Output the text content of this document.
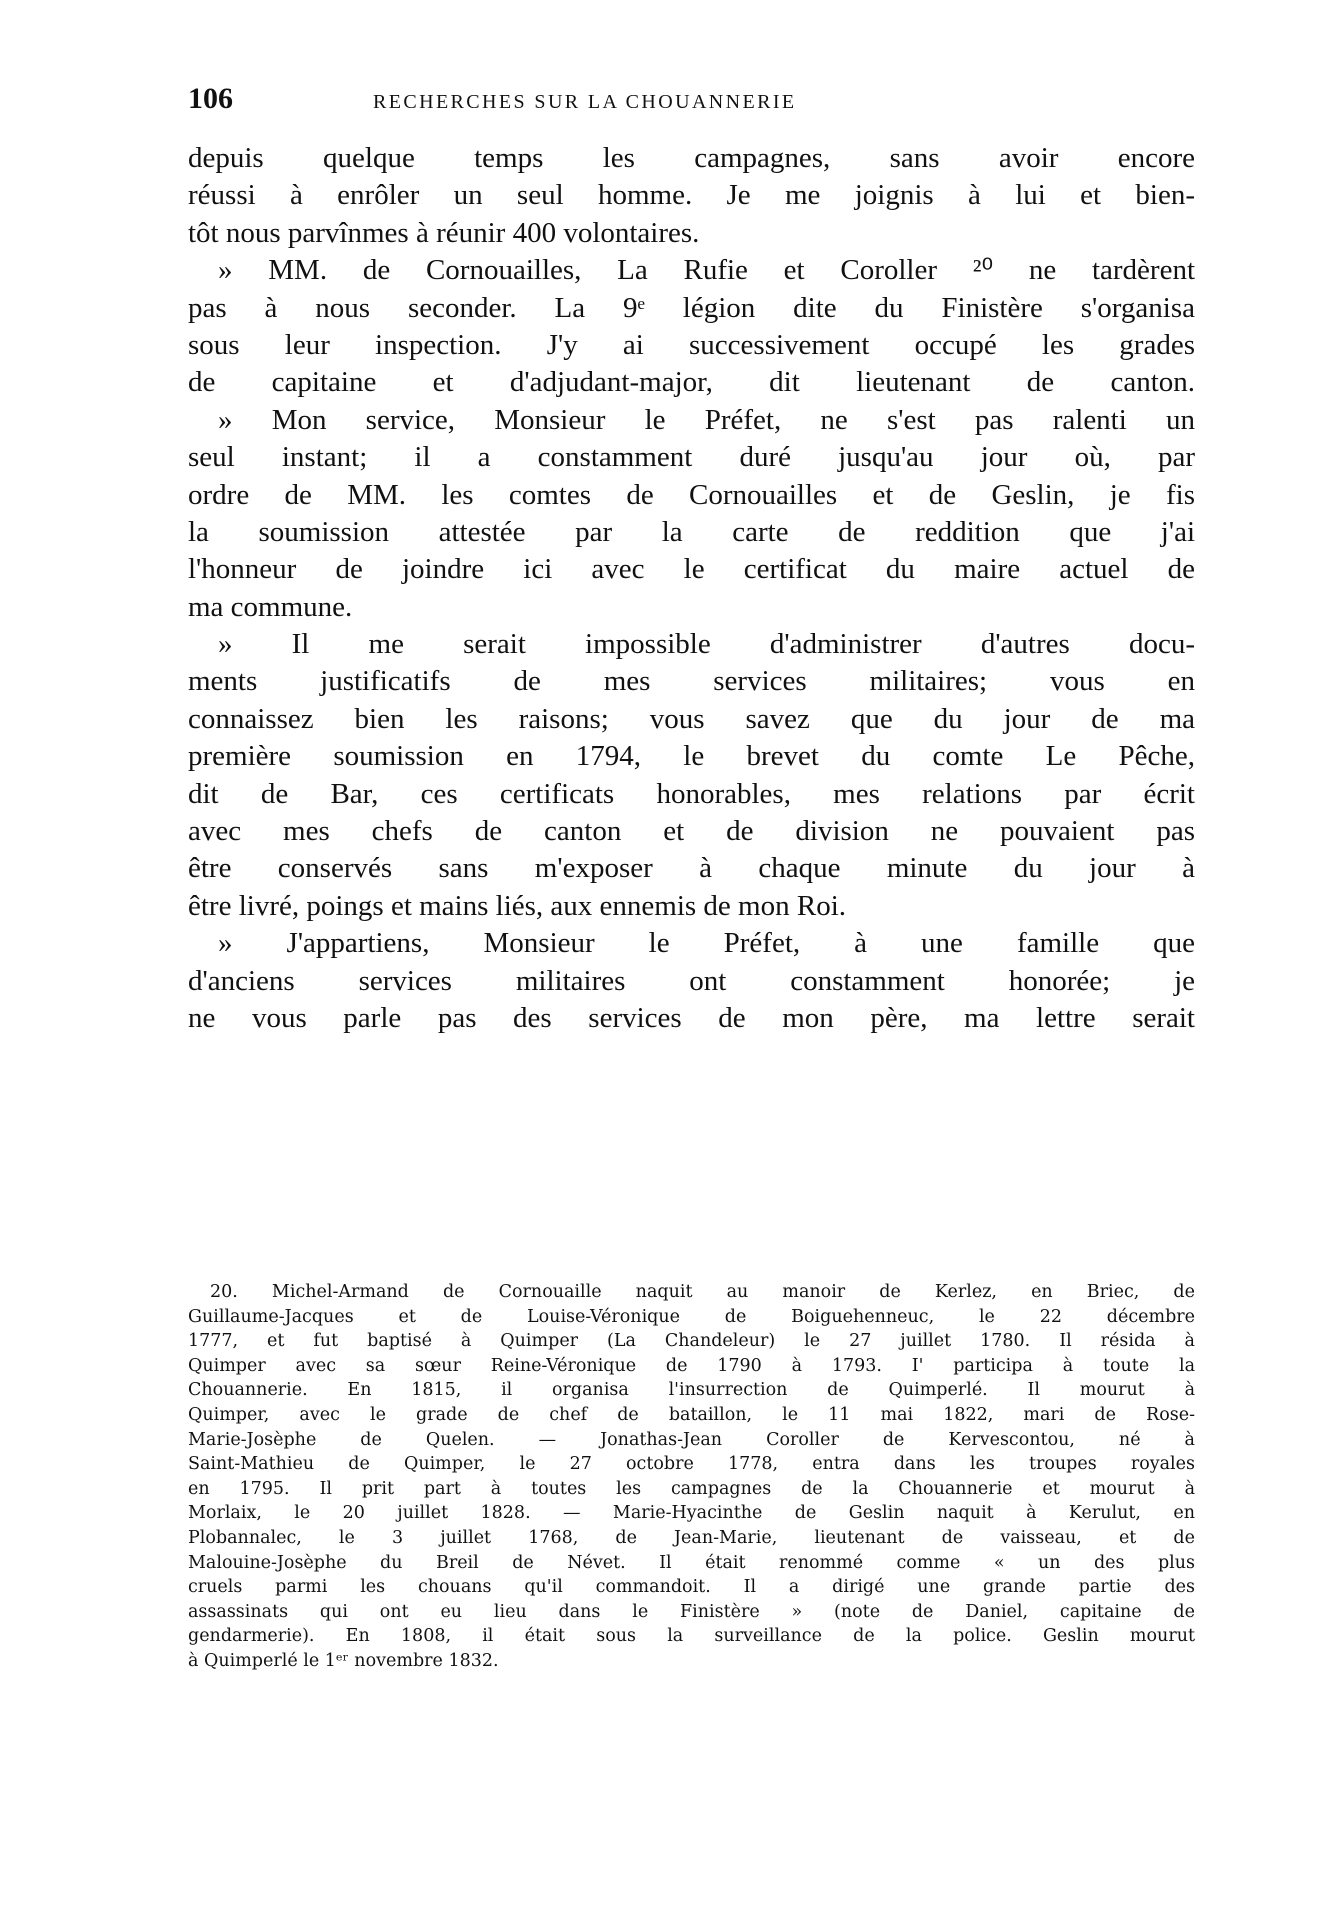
106	RECHERCHES SUR LA CHOUANNERIE
depuis quelque temps les campagnes, sans avoir encore
réussi à enrôler un seul homme. Je me joignis à lui et bien-
tôt nous parvînmes à réunir 400 volontaires.
» MM. de Cornouailles, La Rufie et Coroller ²⁰ ne tardèrent
pas à nous seconder. La 9ᵉ légion dite du Finistère s'organisa
sous leur inspection. J'y ai successivement occupé les grades
de capitaine et d'adjudant-major, dit lieutenant de canton.
» Mon service, Monsieur le Préfet, ne s'est pas ralenti un
seul instant; il a constamment duré jusqu'au jour où, par
ordre de MM. les comtes de Cornouailles et de Geslin, je fis
la soumission attestée par la carte de reddition que j'ai
l'honneur de joindre ici avec le certificat du maire actuel de
ma commune.
» Il me serait impossible d'administrer d'autres docu-
ments justificatifs de mes services militaires; vous en
connaissez bien les raisons; vous savez que du jour de ma
première soumission en 1794, le brevet du comte Le Pêche,
dit de Bar, ces certificats honorables, mes relations par écrit
avec mes chefs de canton et de division ne pouvaient pas
être conservés sans m'exposer à chaque minute du jour à
être livré, poings et mains liés, aux ennemis de mon Roi.
» J'appartiens, Monsieur le Préfet, à une famille que
d'anciens services militaires ont constamment honorée; je
ne vous parle pas des services de mon père, ma lettre serait
20. Michel-Armand de Cornouaille naquit au manoir de Kerlez, en Briec, de
Guillaume-Jacques et de Louise-Véronique de Boiguehenneuc, le 22 décembre
1777, et fut baptisé à Quimper (La Chandeleur) le 27 juillet 1780. Il résida à
Quimper avec sa sœur Reine-Véronique de 1790 à 1793. I' participa à toute la
Chouannerie. En 1815, il organisa l'insurrection de Quimperlé. Il mourut à
Quimper, avec le grade de chef de bataillon, le 11 mai 1822, mari de Rose-
Marie-Josèphe de Quelen. — Jonathas-Jean Coroller de Kervescontou, né à
Saint-Mathieu de Quimper, le 27 octobre 1778, entra dans les troupes royales
en 1795. Il prit part à toutes les campagnes de la Chouannerie et mourut à
Morlaix, le 20 juillet 1828. — Marie-Hyacinthe de Geslin naquit à Kerulut, en
Plobannalec, le 3 juillet 1768, de Jean-Marie, lieutenant de vaisseau, et de
Malouine-Josèphe du Breil de Névet. Il était renommé comme « un des plus
cruels parmi les chouans qu'il commandoit. Il a dirigé une grande partie des
assassinats qui ont eu lieu dans le Finistère » (note de Daniel, capitaine de
gendarmerie). En 1808, il était sous la surveillance de la police. Geslin mourut
à Quimperlé le 1ᵉʳ novembre 1832.
